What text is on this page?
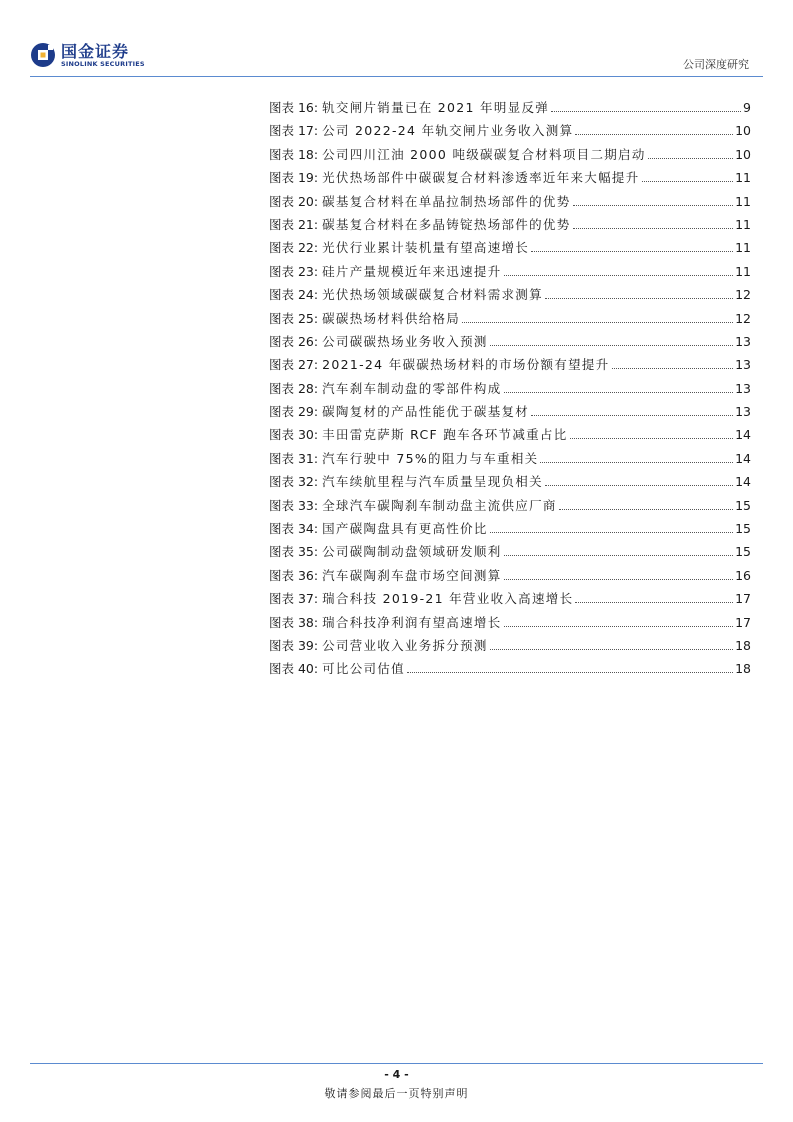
国金证券
SINOLINK SECURITIES	公司深度研究
图表 16: 轨交闸片销量已在 2021 年明显反弹	9
图表 17: 公司 2022-24 年轨交闸片业务收入测算	10
图表 18: 公司四川江油 2000 吨级碳碳复合材料项目二期启动	10
图表 19: 光伏热场部件中碳碳复合材料渗透率近年来大幅提升	11
图表 20: 碳基复合材料在单晶拉制热场部件的优势	11
图表 21: 碳基复合材料在多晶铸锭热场部件的优势	11
图表 22: 光伏行业累计装机量有望高速增长	11
图表 23: 硅片产量规模近年来迅速提升	11
图表 24: 光伏热场领域碳碳复合材料需求测算	12
图表 25: 碳碳热场材料供给格局	12
图表 26: 公司碳碳热场业务收入预测	13
图表 27: 2021-24 年碳碳热场材料的市场份额有望提升	13
图表 28: 汽车刹车制动盘的零部件构成	13
图表 29: 碳陶复材的产品性能优于碳基复材	13
图表 30: 丰田雷克萨斯 RCF 跑车各环节减重占比	14
图表 31: 汽车行驶中 75%的阻力与车重相关	14
图表 32: 汽车续航里程与汽车质量呈现负相关	14
图表 33: 全球汽车碳陶刹车制动盘主流供应厂商	15
图表 34: 国产碳陶盘具有更高性价比	15
图表 35: 公司碳陶制动盘领域研发顺利	15
图表 36: 汽车碳陶刹车盘市场空间测算	16
图表 37: 瑞合科技 2019-21 年营业收入高速增长	17
图表 38: 瑞合科技净利润有望高速增长	17
图表 39: 公司营业收入业务拆分预测	18
图表 40: 可比公司估值	18
- 4 -
敬请参阅最后一页特别声明
